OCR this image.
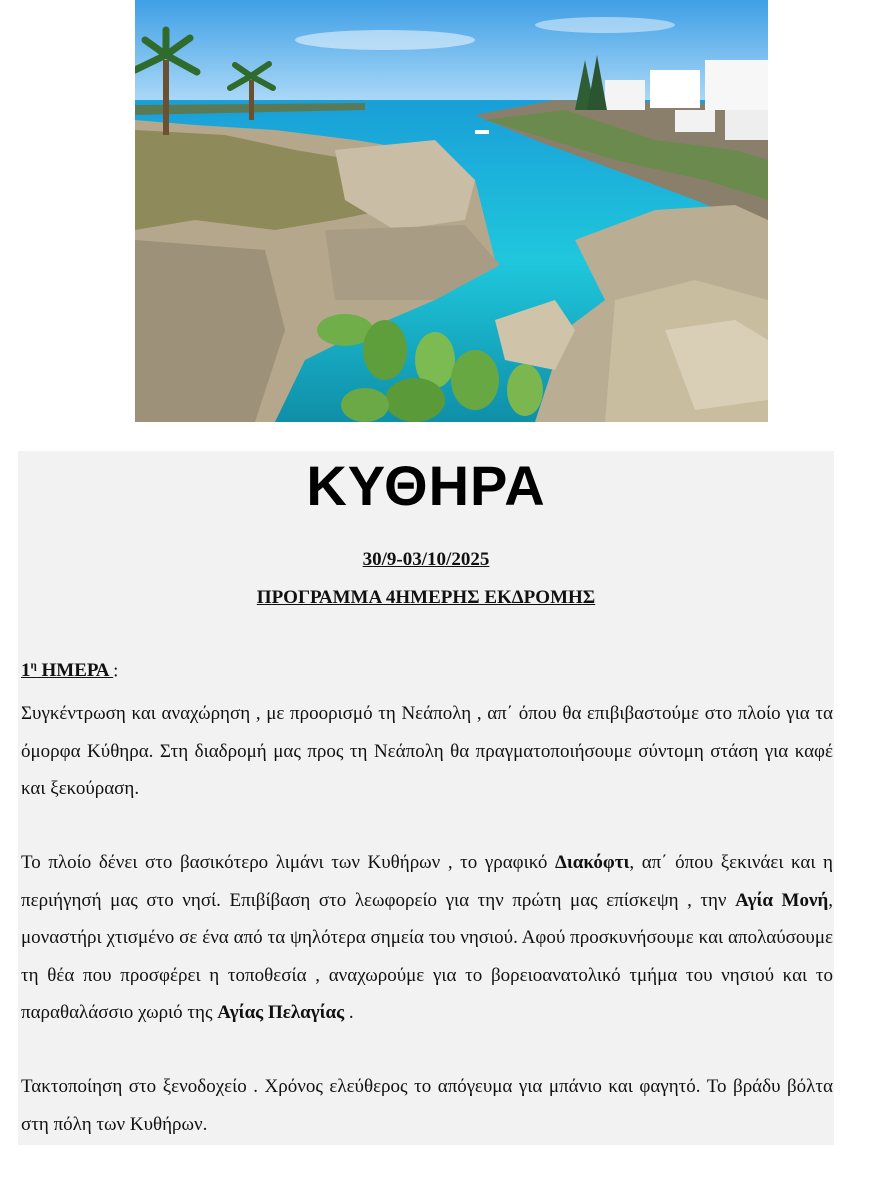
ΚΥΘΗΡΑ

30/9-03/10/2025

ΠΡΟΓΡΑΜΜΑ 4ΗΜΕΡΗΣ ΕΚΔΡΟΜΗΣ

$1^\eta$ ΗΜΕΡΑ :

Συγκέντρωση και αναχώρηση , με προορισμό τη Νεάπολη , απ΄ όπου θα επιβιβαστούμε στο πλοίο για τα όμορφα Κύθηρα. Στη διαδρομή μας προς τη Νεάπολη θα πραγματοποιήσουμε σύντομη στάση για καφέ και ξεκούραση.

Το πλοίο δένει στο βασικότερο λιμάνι των Κυθήρων , το γραφικό Διακόφτι, απ΄ όπου ξεκινάει και η περιήγησή μας στο νησί. Επιβίβαση στο λεωφορείο για την πρώτη μας επίσκεψη , την Αγία Μονή, μοναστήρι χτισμένο σε ένα από τα ψηλότερα σημεία του νησιού. Αφού προσκυνήσουμε και απολαύσουμε τη θέα που προσφέρει η τοποθεσία , αναχωρούμε για το βορειοανατολικό τμήμα του νησιού και το παραθαλάσσιο χωριό της Αγίας Πελαγίας .

Τακτοποίηση στο ξενοδοχείο . Χρόνος ελεύθερος το απόγευμα για μπάνιο και φαγητό. Το βράδυ βόλτα στη πόλη των Κυθήρων.
